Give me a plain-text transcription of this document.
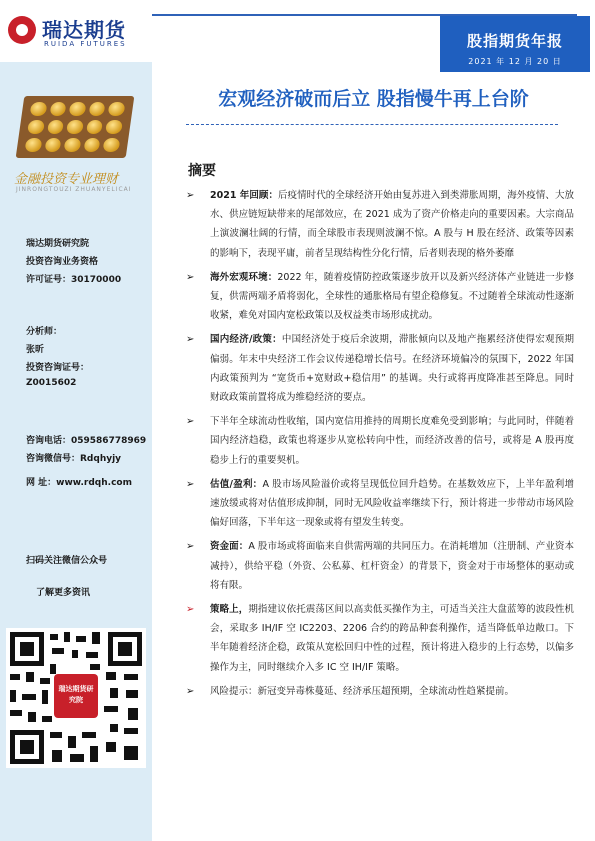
瑞达期货
RUIDA FUTURES
金融投资专业理财
JINRONGTOUZI ZHUANYELICAI
瑞达期货研究院
投资咨询业务资格
许可证号：30170000
分析师：
张昕
投资咨询证号：
Z0015602
咨询电话：059586778969
咨询微信号：Rdqhyjy
网 址：www.rdqh.com
扫码关注微信公众号
了解更多资讯
瑞达期货研究院
股指期货年报
2021 年 12 月 20 日
宏观经济破而后立 股指慢牛再上台阶
摘要
➢ 2021 年回顾：后疫情时代的全球经济开始由复苏进入到类滞胀周期，海外疫情、大放水、供应链短缺带来的尾部效应，在 2021 成为了资产价格走向的重要因素。大宗商品上演波澜壮阔的行情，而全球股市表现则波澜不惊。A 股与 H 股在经济、政策等因素的影响下，表现平庸，前者呈现结构性分化行情，后者则表现的格外萎靡
➢ 海外宏观环境：2022 年，随着疫情防控政策逐步放开以及新兴经济体产业链进一步修复，供需两端矛盾将弱化，全球性的通胀格局有望企稳修复。不过随着全球流动性逐渐收紧，难免对国内宽松政策以及权益类市场形成扰动。
➢ 国内经济/政策：中国经济处于疫后余波期，滞胀倾向以及地产拖累经济使得宏观预期偏弱。年末中央经济工作会议传递稳增长信号。在经济环境偏冷的氛围下，2022 年国内政策预判为 “宽货币+宽财政+稳信用” 的基调。央行或将再度降准甚至降息。同时财政政策前置将成为维稳经济的要点。
➢ 下半年全球流动性收缩，国内宽信用推持的周期长度难免受到影响；与此同时，伴随着国内经济趋稳，政策也将逐步从宽松转向中性，而经济改善的信号，或将是 A 股再度稳步上行的重要契机。
➢ 估值/盈利：A 股市场风险溢价或将呈现低位回升趋势。在基数效应下，上半年盈利增速放缓或将对估值形成抑制，同时无风险收益率继续下行，预计将进一步带动市场风险偏好回落，下半年这一现象或将有望发生转变。
➢ 资金面：A 股市场或将面临来自供需两端的共同压力。在消耗增加（注册制、产业资本减持），供给平稳（外资、公私募、杠杆资金）的背景下，资金对于市场整体的驱动或将有限。
➢ 策略上，期指建议依托震荡区间以高卖低买操作为主，可适当关注大盘蓝筹的波段性机会，采取多 IH/IF 空 IC2203、2206 合约的跨品种套利操作，适当降低单边敞口。下半年随着经济企稳，政策从宽松回归中性的过程，预计将进入稳步的上行态势，以偏多操作为主，同时继续介入多 IC 空 IH/IF 策略。
➢ 风险提示：新冠变异毒株蔓延、经济承压超预期，全球流动性趋紧提前。
